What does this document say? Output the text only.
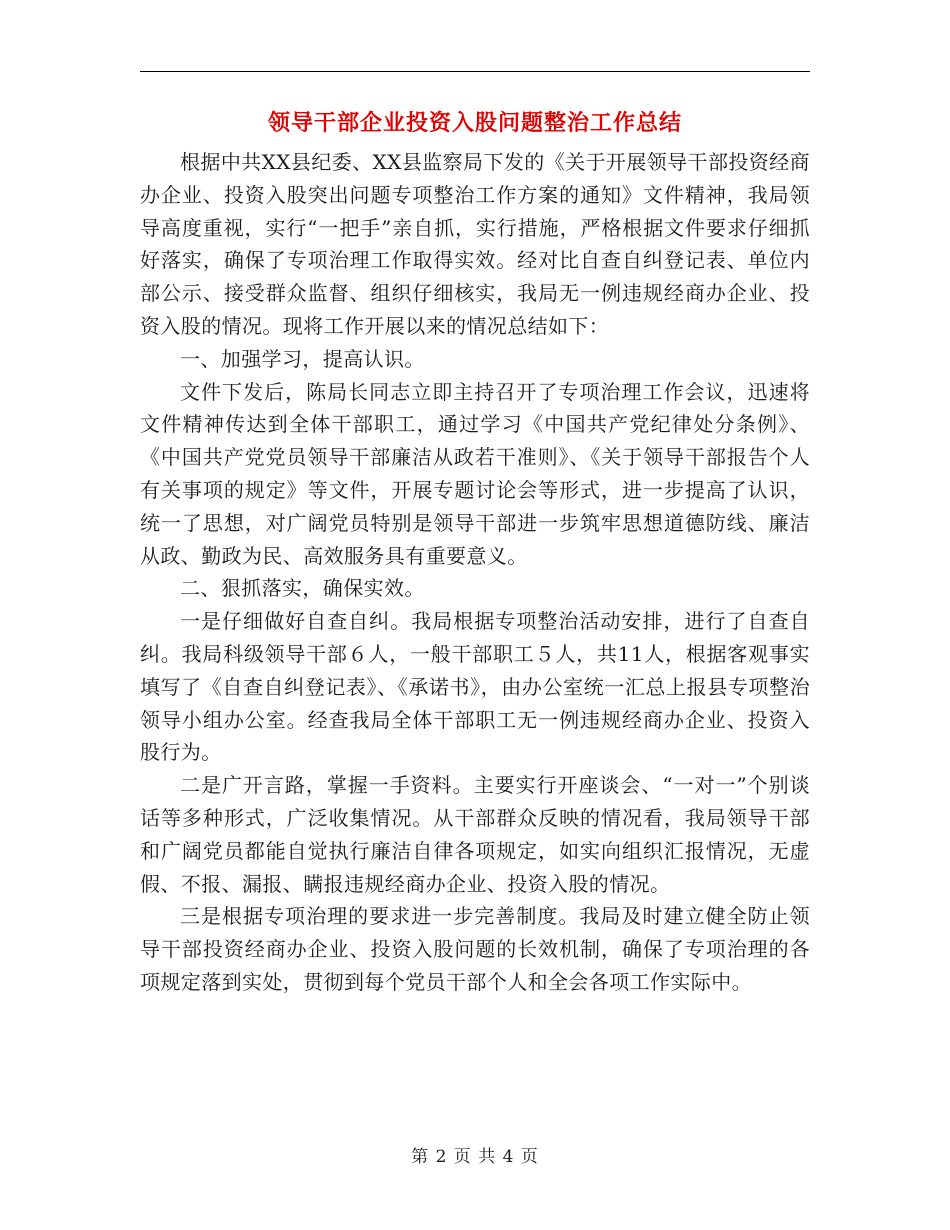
领导干部企业投资入股问题整治工作总结

根据中共XX县纪委、XX县监察局下发的《关于开展领导干部投资经商办企业、投资入股突出问题专项整治工作方案的通知》文件精神，我局领导高度重视，实行“一把手”亲自抓，实行措施，严格根据文件要求仔细抓好落实，确保了专项治理工作取得实效。经对比自查自纠登记表、单位内部公示、接受群众监督、组织仔细核实，我局无一例违规经商办企业、投资入股的情况。现将工作开展以来的情况总结如下：

一、加强学习，提高认识。

文件下发后，陈局长同志立即主持召开了专项治理工作会议，迅速将文件精神传达到全体干部职工，通过学习《中国共产党纪律处分条例》、《中国共产党党员领导干部廉洁从政若干准则》、《关于领导干部报告个人有关事项的规定》等文件，开展专题讨论会等形式，进一步提高了认识，统一了思想，对广阔党员特别是领导干部进一步筑牢思想道德防线、廉洁从政、勤政为民、高效服务具有重要意义。

二、狠抓落实，确保实效。

一是仔细做好自查自纠。我局根据专项整治活动安排，进行了自查自纠。我局科级领导干部６人，一般干部职工５人，共11人，根据客观事实填写了《自查自纠登记表》、《承诺书》，由办公室统一汇总上报县专项整治领导小组办公室。经查我局全体干部职工无一例违规经商办企业、投资入股行为。

二是广开言路，掌握一手资料。主要实行开座谈会、“一对一”个别谈话等多种形式，广泛收集情况。从干部群众反映的情况看，我局领导干部和广阔党员都能自觉执行廉洁自律各项规定，如实向组织汇报情况，无虚假、不报、漏报、瞒报违规经商办企业、投资入股的情况。

三是根据专项治理的要求进一步完善制度。我局及时建立健全防止领导干部投资经商办企业、投资入股问题的长效机制，确保了专项治理的各项规定落到实处，贯彻到每个党员干部个人和全会各项工作实际中。

第 2 页 共 4 页
